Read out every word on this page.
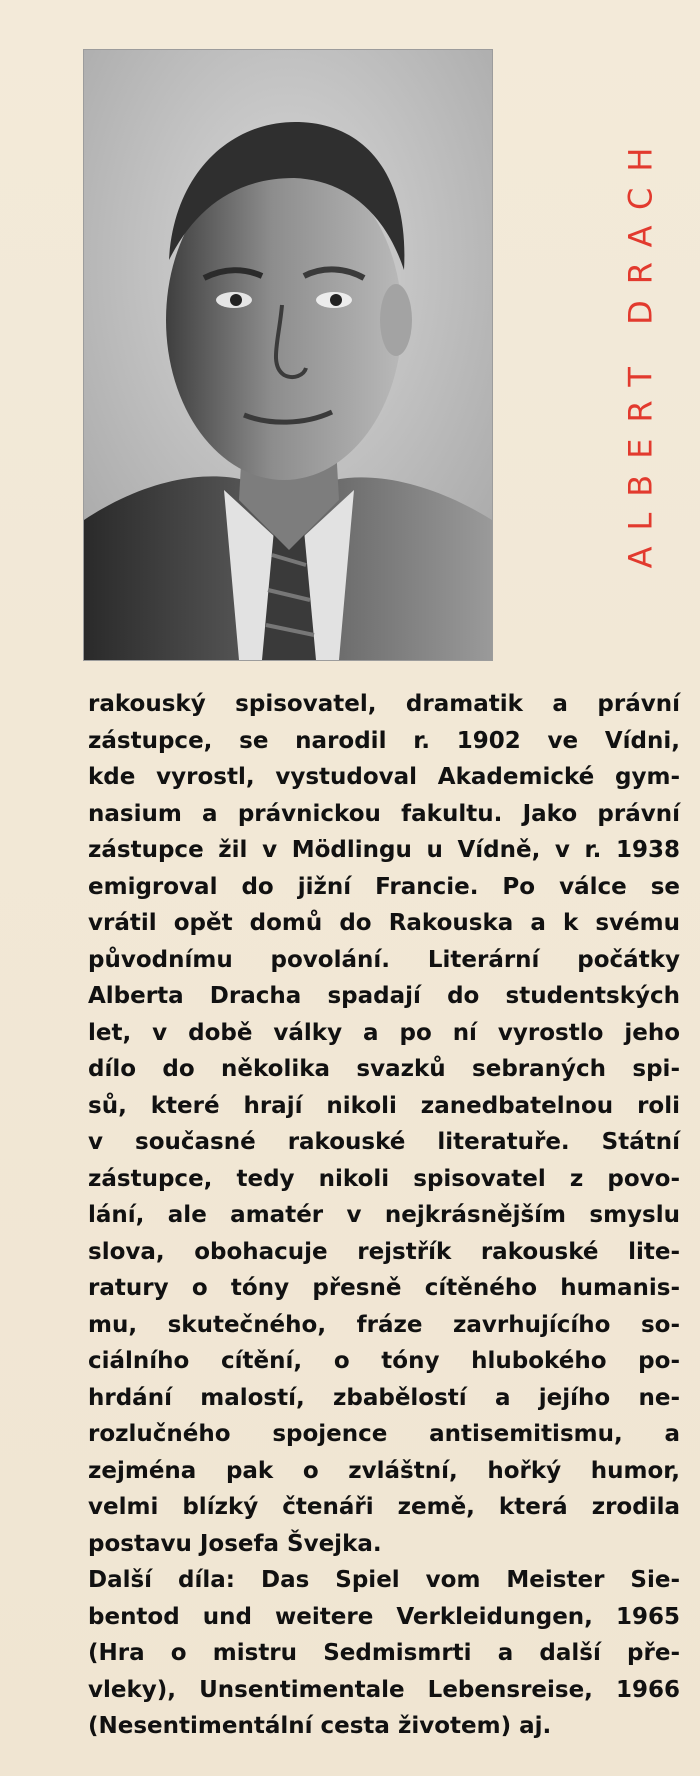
ALBERT DRACH
rakouský spisovatel, dramatik a právní
zástupce, se narodil r. 1902 ve Vídni,
kde vyrostl, vystudoval Akademické gym-
nasium a právnickou fakultu. Jako právní
zástupce žil v Mödlingu u Vídně, v r. 1938
emigroval do jižní Francie. Po válce se
vrátil opět domů do Rakouska a k svému
původnímu povolání. Literární počátky
Alberta Dracha spadají do studentských
let, v době války a po ní vyrostlo jeho
dílo do několika svazků sebraných spi-
sů, které hrají nikoli zanedbatelnou roli
v současné rakouské literatuře. Státní
zástupce, tedy nikoli spisovatel z povo-
lání, ale amatér v nejkrásnějším smyslu
slova, obohacuje rejstřík rakouské lite-
ratury o tóny přesně cítěného humanis-
mu, skutečného, fráze zavrhujícího so-
ciálního cítění, o tóny hlubokého po-
hrdání malostí, zbabělostí a jejího ne-
rozlučného spojence antisemitismu, a
zejména pak o zvláštní, hořký humor,
velmi blízký čtenáři země, která zrodila
postavu Josefa Švejka.
Další díla: Das Spiel vom Meister Sie-
bentod und weitere Verkleidungen, 1965
(Hra o mistru Sedmismrti a další pře-
vleky), Unsentimentale Lebensreise, 1966
(Nesentimentální cesta životem) aj.
